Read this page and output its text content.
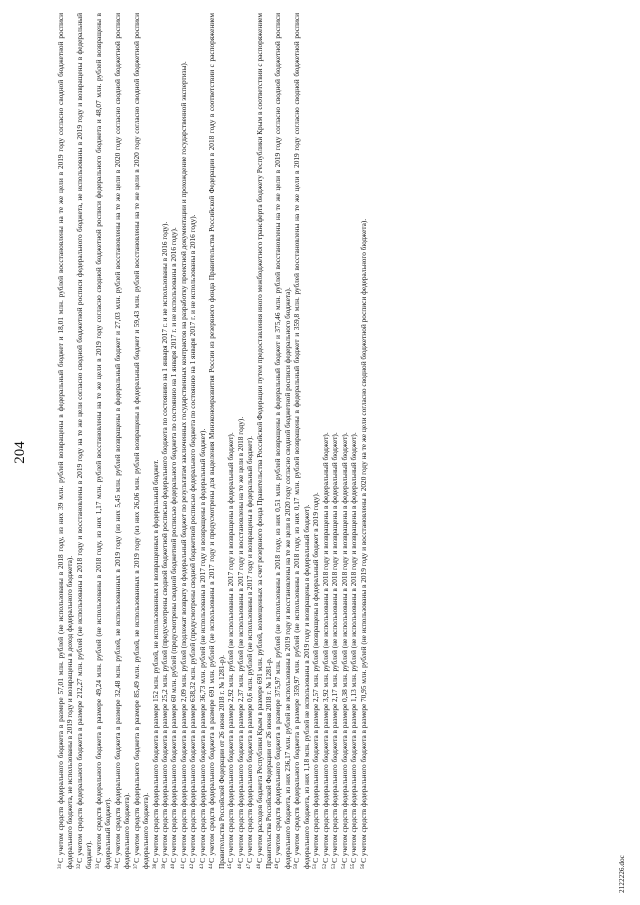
204

$^{31}$С учетом средств федерального бюджета в размере 57,01 млн. рублей (не использованы в 2018 году, из них 39 млн. рублей возвращены в федеральный бюджет и 18,01 млн. рублей восстановлены на те же цели в 2019 году согласно сводной бюджетной росписи федерального бюджета, не использованы в 2019 году и возвращены в доход федерального бюджета). $^{32}$С учетом средств федерального бюджета в размере 212,27 млн. рублей (не использованы в 2018 году и восстановлены в 2019 году на те же цели согласно сводной бюджетной росписи федерального бюджета, не использованы в 2019 году и возвращены в федеральный бюджет). $^{33}$С учетом средств федерального бюджета в размере 49,24 млн. рублей (не использованы в 2018 году, из них 1,17 млн. рублей восстановлены на те же цели в 2019 году согласно сводной бюджетной росписи федерального бюджета и 48,07 млн. рублей возвращены в федеральный бюджет). $^{34}$С учетом средств федерального бюджета в размере 32,48 млн. рублей, не использованных в 2019 году (из них 5,45 млн. рублей возвращены в федеральный бюджет и 27,03 млн. рублей восстановлены на те же цели в 2020 году согласно сводной бюджетной росписи федерального бюджета). $^{37}$С учетом средств федерального бюджета в размере 85,49 млн. рублей, не использованных в 2019 году (из них 26,06 млн. рублей возвращены в федеральный бюджет и 59,43 млн. рублей восстановлены на те же цели в 2020 году согласно сводной бюджетной росписи федерального бюджета). $^{38}$С учетом средств федерального бюджета в размере 152 млн. рублей, не использованных и возвращенных в федеральный бюджет.

$^{39}$С учетом средств федерального бюджета в размере 25,2 млн. рублей (предусмотрены сводной бюджетной росписью федерального бюджета по состоянию на 1 января 2017 г. и не использованы в 2016 году).

$^{40}$С учетом средств федерального бюджета в размере 60 млн. рублей (предусмотрены сводной бюджетной росписью федерального бюджета по состоянию на 1 января 2017 г. и не использованы в 2016 году).

$^{41}$С учетом средств федерального бюджета в размере 2,09 млн. рублей (подлежат возврату в федеральный бюджет по результатам заключенных государственных контрактов на разработку проектной документации и прохождение государственной экспертизы).

$^{42}$С учетом средств федерального бюджета в размере 638,32 млн. рублей (предусмотрены сводной бюджетной росписью федерального бюджета по состоянию на 1 января 2017 г. и не использованы в 2016 году).

$^{43}$С учетом средств федерального бюджета в размере 36,73 млн. рублей (не использованы в 2017 году и возвращены в федеральный бюджет).

$^{44}$С учетом средств федерального бюджета в размере 691 млн. рублей (не использованы в 2017 году и предусмотрены для выделения Минэкономразвития России из резервного фонда Правительства Российской Федерации в 2018 году в соответствии с распоряжением Правительства Российской Федерации от 26 июня 2018 г. № 1281-р). $^{45}$С учетом средств федерального бюджета в размере 2,92 млн. рублей (не использованы в 2017 году и возвращены в федеральный бюджет).

$^{46}$С учетом средств федерального бюджета в размере 2,37 млн. рублей (не использованы в 2017 году и восстановлены на те же цели в 2018 году).

$^{47}$С учетом средств федерального бюджета в размере 0,6 млн. рублей (не использованы в 2017 году и возвращены в федеральный бюджет).

$^{48}$С учетом расходов бюджета Республики Крым в размере 691 млн. рублей, возмещенных за счет резервного фонда Правительства Российской Федерации путем предоставления иного межбюджетного трансферта бюджету Республики Крым в соответствии с распоряжением Правительства Российской Федерации от 26 июня 2018 г. № 1281-р. $^{49}$С учетом средств федерального бюджета в размере 375,97 млн. рублей (не использованы в 2018 году, из них 0,51 млн. рублей возвращены в федеральный бюджет и 375,46 млн. рублей восстановлены на те же цели в 2019 году согласно сводной бюджетной росписи федерального бюджета, из них 236,17 млн. рублей не использованы в 2019 году и восстановлены на те же цели в 2020 году согласно сводной бюджетной росписи федерального бюджета). $^{50}$С учетом средств федерального бюджета в размере 359,97 млн. рублей (не использованы в 2018 году, из них 0,17 млн. рублей возвращены в федеральный бюджет и 359,8 млн. рублей восстановлены на те же цели в 2019 году согласно сводной бюджетной росписи федерального бюджета, из них 1,18 млн. рублей не использованы в 2019 году и возвращены в федеральный бюджет). $^{51}$С учетом средств федерального бюджета в размере 2,57 млн. рублей (возвращены в федеральный бюджет в 2019 году).

$^{52}$С учетом средств федерального бюджета в размере 3,92 млн. рублей (не использованы в 2018 году и возвращены в федеральный бюджет).

$^{53}$С учетом средств федерального бюджета в размере 2,17 млн. рублей (не использованы в 2018 году и возвращены в федеральный бюджет).

$^{54}$С учетом средств федерального бюджета в размере 0,38 млн. рублей (не использованы в 2018 году и возвращены в федеральный бюджет).

$^{55}$С учетом средств федерального бюджета в размере 1,13 млн. рублей (не использованы в 2018 году и возвращены в федеральный бюджет).

$^{56}$С учетом средств федерального бюджета в размере 70,95 млн. рублей (не использованы в 2019 году и восстановлены в 2020 году на те же цели согласно сводной бюджетной росписи федерального бюджета).

2122226.doc
